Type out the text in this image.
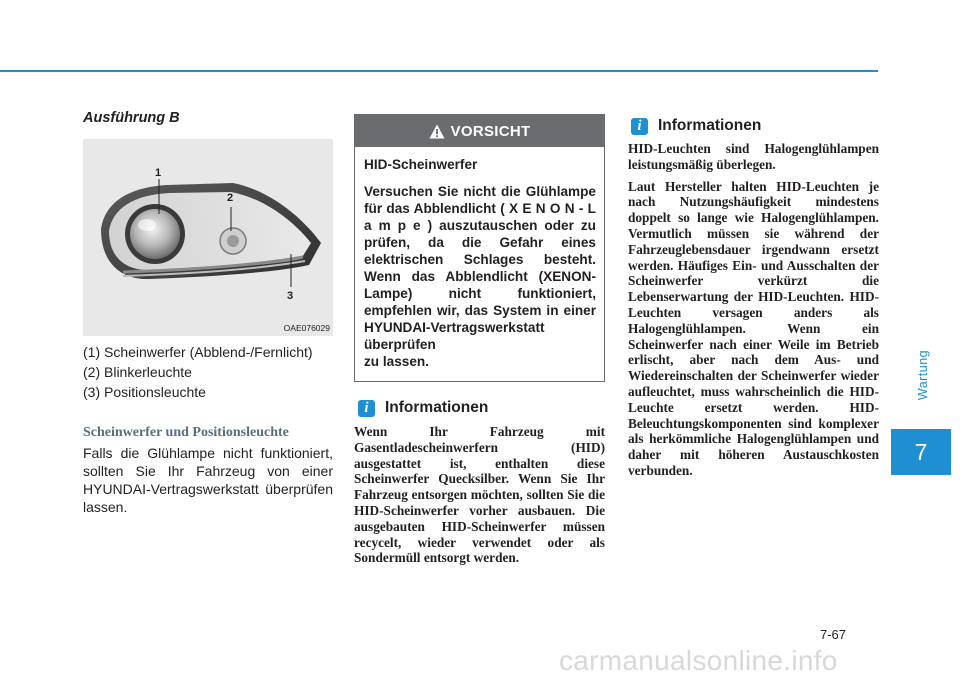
Ausführung B
1
2
3
OAE076029
(1) Scheinwerfer (Abblend-/Fernlicht)
(2) Blinkerleuchte
(3) Positionsleuchte
Scheinwerfer und Positionsleuchte
Falls die Glühlampe nicht funktioniert, sollten Sie Ihr Fahrzeug von einer HYUNDAI-Vertragswerkstatt überprüfen lassen.
VORSICHT
HID-Scheinwerfer
Versuchen Sie nicht die Glühlampe für das Abblendlicht ( X E N O N - L a m p e ) auszutauschen oder zu prüfen, da die Gefahr eines elektrischen Schlages besteht. Wenn das Abblendlicht (XENON-Lampe) nicht funktioniert, empfehlen wir, das System in einer HYUNDAI-Vertragswerkstatt überprüfen
zu lassen.
i	Informationen
Wenn Ihr Fahrzeug mit Gasentladescheinwerfern (HID) ausgestattet ist, enthalten diese Scheinwerfer Quecksilber. Wenn Sie Ihr Fahrzeug entsorgen möchten, sollten Sie die HID-Scheinwerfer vorher ausbauen. Die ausgebauten HID-Scheinwerfer müssen recycelt, wieder verwendet oder als Sondermüll entsorgt werden.
i	Informationen

HID-Leuchten sind Halogenglühlampen leistungsmäßig überlegen.

Laut Hersteller halten HID-Leuchten je nach Nutzungshäufigkeit mindestens doppelt so lange wie Halogenglühlampen. Vermutlich müssen sie während der Fahrzeuglebensdauer irgendwann ersetzt werden. Häufiges Ein- und Ausschalten der Scheinwerfer verkürzt die Lebenserwartung der HID-Leuchten. HID-Leuchten versagen anders als Halogenglühlampen. Wenn ein Scheinwerfer nach einer Weile im Betrieb erlischt, aber nach dem Aus- und Wiedereinschalten der Scheinwerfer wieder aufleuchtet, muss wahrscheinlich die HID-Leuchte ersetzt werden. HID-Beleuchtungskomponenten sind komplexer als herkömmliche Halogenglühlampen und daher mit höheren Austauschkosten verbunden.

Wartung
7
7-67
carmanualsonline.info
